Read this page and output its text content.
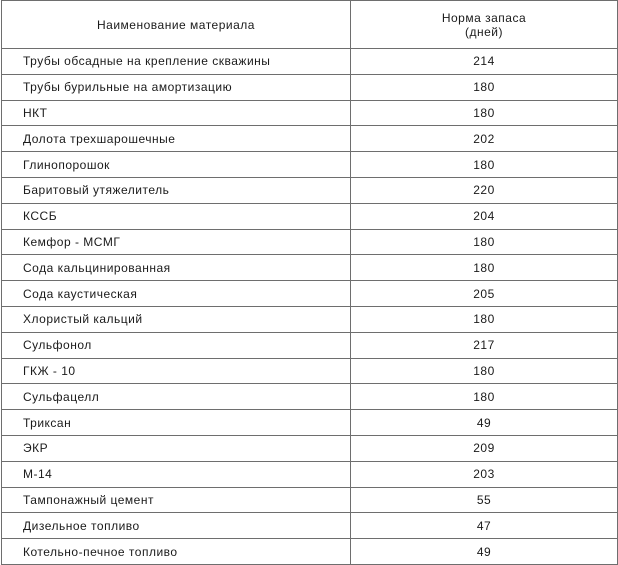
Наименование материала	Норма запаса
(дней)

Трубы обсадные на крепление скважины	214
Трубы бурильные на амортизацию	180
НКТ	180
Долота трехшарошечные	202
Глинопорошок	180
Баритовый утяжелитель	220
КССБ	204
Кемфор - МСМГ	180
Сода кальцинированная	180
Сода каустическая	205
Хлористый кальций	180
Сульфонол	217
ГКЖ - 10	180
Сульфацелл	180
Триксан	49
ЭКР	209
М-14	203
Тампонажный цемент	55
Дизельное топливо	47
Котельно-печное топливо	49
